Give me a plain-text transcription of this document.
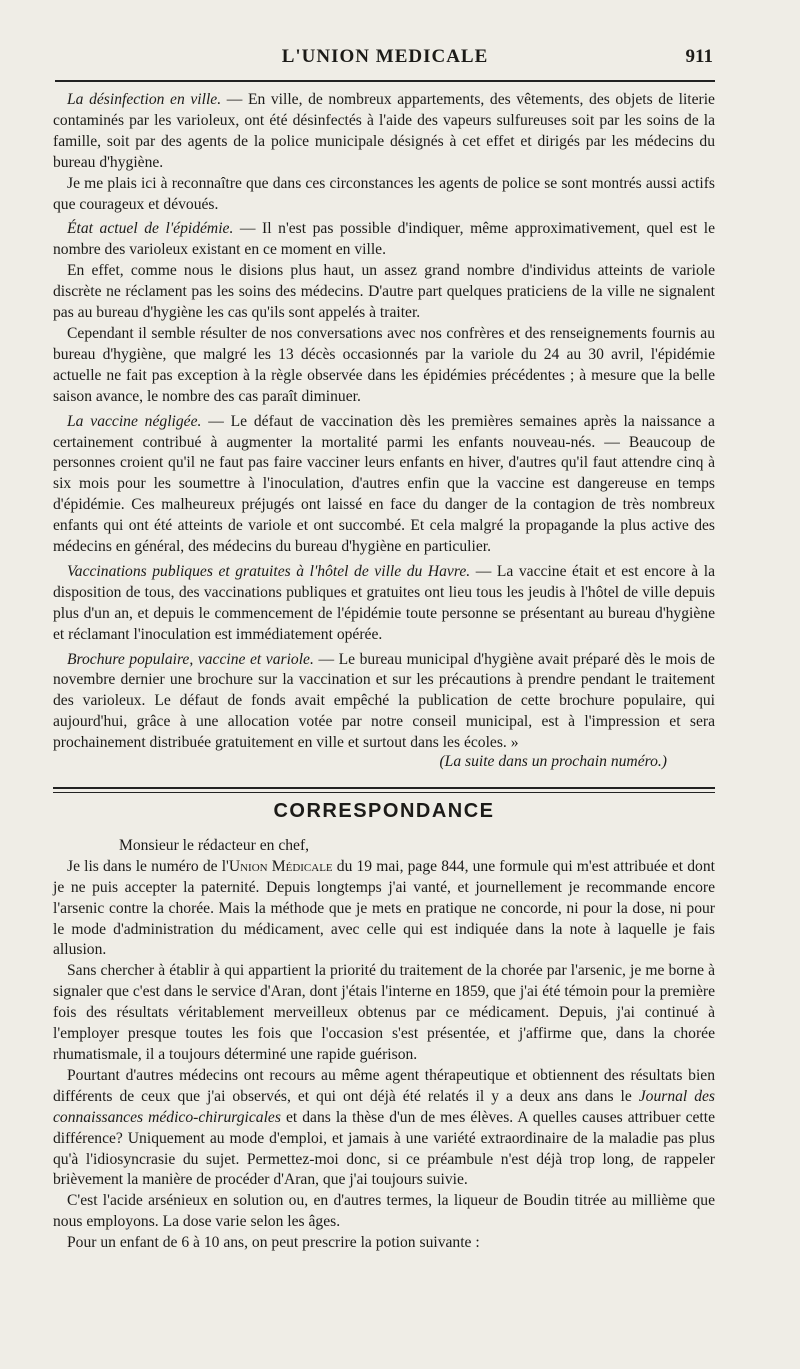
L'UNION MEDICALE	911

La désinfection en ville. — En ville, de nombreux appartements, des vêtements, des objets de literie contaminés par les varioleux, ont été désinfectés à l'aide des vapeurs sulfureuses soit par les soins de la famille, soit par des agents de la police municipale désignés à cet effet et dirigés par les médecins du bureau d'hygiène.

Je me plais ici à reconnaître que dans ces circonstances les agents de police se sont montrés aussi actifs que courageux et dévoués.

État actuel de l'épidémie. — Il n'est pas possible d'indiquer, même approximativement, quel est le nombre des varioleux existant en ce moment en ville.

En effet, comme nous le disions plus haut, un assez grand nombre d'individus atteints de variole discrète ne réclament pas les soins des médecins. D'autre part quelques praticiens de la ville ne signalent pas au bureau d'hygiène les cas qu'ils sont appelés à traiter.

Cependant il semble résulter de nos conversations avec nos confrères et des renseignements fournis au bureau d'hygiène, que malgré les 13 décès occasionnés par la variole du 24 au 30 avril, l'épidémie actuelle ne fait pas exception à la règle observée dans les épidémies précédentes ; à mesure que la belle saison avance, le nombre des cas paraît diminuer.

La vaccine négligée. — Le défaut de vaccination dès les premières semaines après la naissance a certainement contribué à augmenter la mortalité parmi les enfants nouveau-nés. — Beaucoup de personnes croient qu'il ne faut pas faire vacciner leurs enfants en hiver, d'autres qu'il faut attendre cinq à six mois pour les soumettre à l'inoculation, d'autres enfin que la vaccine est dangereuse en temps d'épidémie. Ces malheureux préjugés ont laissé en face du danger de la contagion de très nombreux enfants qui ont été atteints de variole et ont succombé. Et cela malgré la propagande la plus active des médecins en général, des médecins du bureau d'hygiène en particulier.

Vaccinations publiques et gratuites à l'hôtel de ville du Havre. — La vaccine était et est encore à la disposition de tous, des vaccinations publiques et gratuites ont lieu tous les jeudis à l'hôtel de ville depuis plus d'un an, et depuis le commencement de l'épidémie toute personne se présentant au bureau d'hygiène et réclamant l'inoculation est immédiatement opérée.

Brochure populaire, vaccine et variole. — Le bureau municipal d'hygiène avait préparé dès le mois de novembre dernier une brochure sur la vaccination et sur les précautions à prendre pendant le traitement des varioleux. Le défaut de fonds avait empêché la publication de cette brochure populaire, qui aujourd'hui, grâce à une allocation votée par notre conseil municipal, est à l'impression et sera prochainement distribuée gratuitement en ville et surtout dans les écoles. »

(La suite dans un prochain numéro.)
CORRESPONDANCE

Monsieur le rédacteur en chef,

Je lis dans le numéro de l'Union Médicale du 19 mai, page 844, une formule qui m'est attribuée et dont je ne puis accepter la paternité. Depuis longtemps j'ai vanté, et journellement je recommande encore l'arsenic contre la chorée. Mais la méthode que je mets en pratique ne concorde, ni pour la dose, ni pour le mode d'administration du médicament, avec celle qui est indiquée dans la note à laquelle je fais allusion.

Sans chercher à établir à qui appartient la priorité du traitement de la chorée par l'arsenic, je me borne à signaler que c'est dans le service d'Aran, dont j'étais l'interne en 1859, que j'ai été témoin pour la première fois des résultats véritablement merveilleux obtenus par ce médicament. Depuis, j'ai continué à l'employer presque toutes les fois que l'occasion s'est présentée, et j'affirme que, dans la chorée rhumatismale, il a toujours déterminé une rapide guérison.

Pourtant d'autres médecins ont recours au même agent thérapeutique et obtiennent des résultats bien différents de ceux que j'ai observés, et qui ont déjà été relatés il y a deux ans dans le Journal des connaissances médico-chirurgicales et dans la thèse d'un de mes élèves. A quelles causes attribuer cette différence? Uniquement au mode d'emploi, et jamais à une variété extraordinaire de la maladie pas plus qu'à l'idiosyncrasie du sujet. Permettez-moi donc, si ce préambule n'est déjà trop long, de rappeler brièvement la manière de procéder d'Aran, que j'ai toujours suivie.

C'est l'acide arsénieux en solution ou, en d'autres termes, la liqueur de Boudin titrée au millième que nous employons. La dose varie selon les âges.

Pour un enfant de 6 à 10 ans, on peut prescrire la potion suivante :
